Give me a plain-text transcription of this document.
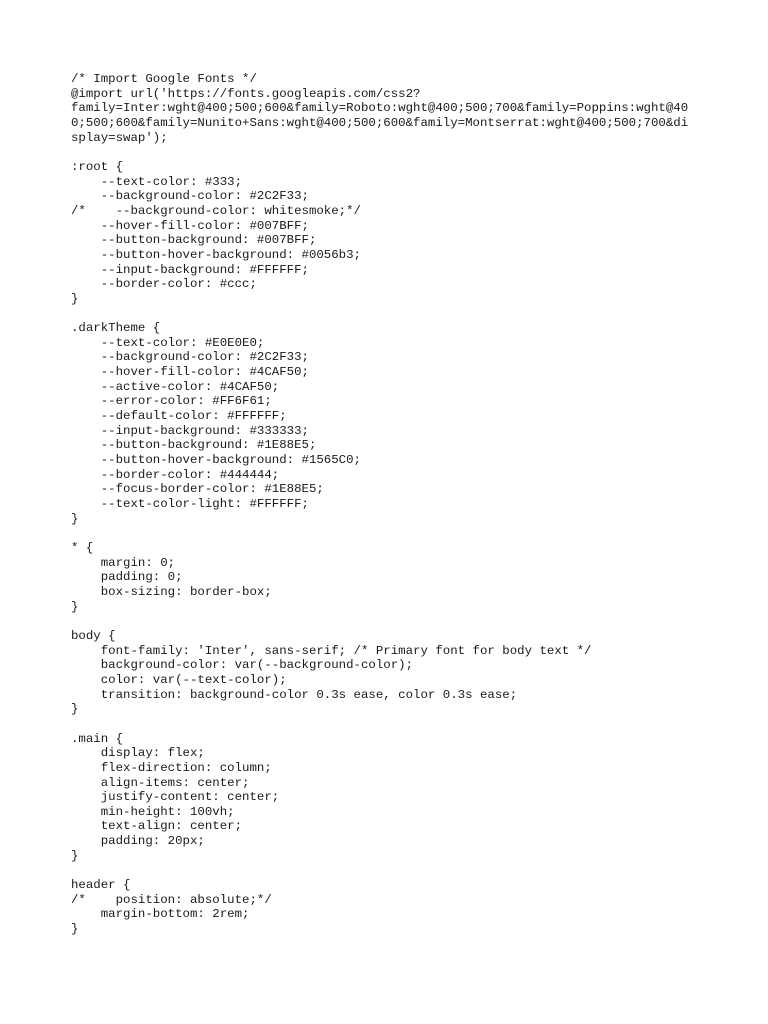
/* Import Google Fonts */
@import url('https://fonts.googleapis.com/css2?
family=Inter:wght@400;500;600&family=Roboto:wght@400;500;700&family=Poppins:wght@40
0;500;600&family=Nunito+Sans:wght@400;500;600&family=Montserrat:wght@400;500;700&di
splay=swap');
:root {
--text-color: #333;
--background-color: #2C2F33;
/*    --background-color: whitesmoke;*/
--hover-fill-color: #007BFF;
--button-background: #007BFF;
--button-hover-background: #0056b3;
--input-background: #FFFFFF;
--border-color: #ccc;
}
.darkTheme {
--text-color: #E0E0E0;
--background-color: #2C2F33;
--hover-fill-color: #4CAF50;
--active-color: #4CAF50;
--error-color: #FF6F61;
--default-color: #FFFFFF;
--input-background: #333333;
--button-background: #1E88E5;
--button-hover-background: #1565C0;
--border-color: #444444;
--focus-border-color: #1E88E5;
--text-color-light: #FFFFFF;
}
* {
margin: 0;
padding: 0;
box-sizing: border-box;
}
body {
font-family: 'Inter', sans-serif; /* Primary font for body text */
background-color: var(--background-color);
color: var(--text-color);
transition: background-color 0.3s ease, color 0.3s ease;
}
.main {
display: flex;
flex-direction: column;
align-items: center;
justify-content: center;
min-height: 100vh;
text-align: center;
padding: 20px;
}
header {
/*    position: absolute;*/
margin-bottom: 2rem;
}
